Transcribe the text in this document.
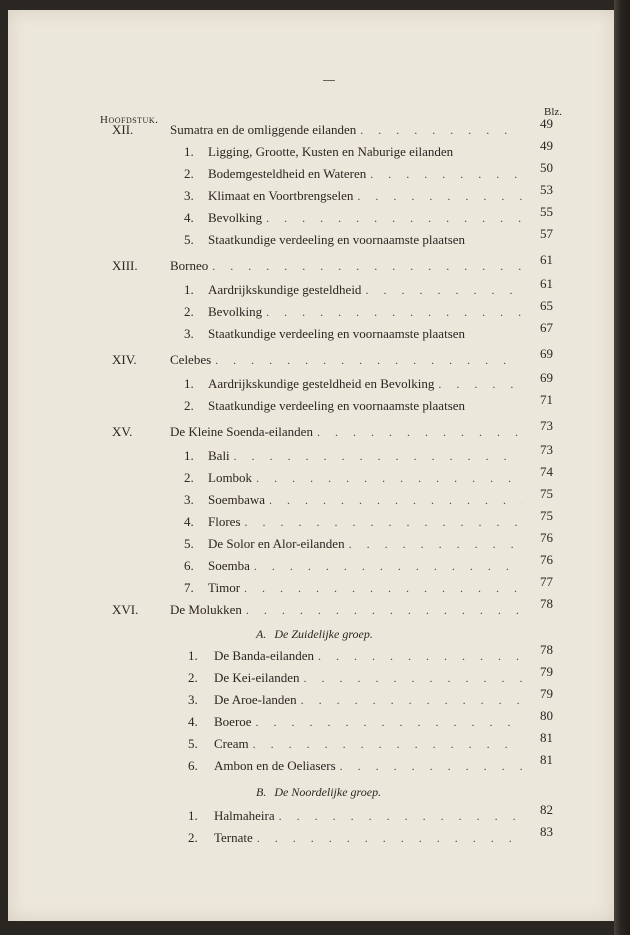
Hoofdstuk.
Blz.
XII.	Sumatra en de omliggende eilanden . . .	49
1. Ligging, Grootte, Kusten en Naburige eilanden	49
2. Bodemgesteldheid en Wateren . . .	50
3. Klimaat en Voortbrengselen . . .	53
4. Bevolking . . .	55
5. Staatkundige verdeeling en voornaamste plaatsen	57
XIII. Borneo . . .	61
1. Aardrijkskundige gesteldheid . . .	61
2. Bevolking . . .	65
3. Staatkundige verdeeling en voornaamste plaatsen	67
XIV.	Celebes . . .	69
1. Aardrijkskundige gesteldheid en Bevolking . . .	69
2. Staatkundige verdeeling en voornaamste plaatsen	71
XV.	De Kleine Soenda-eilanden . . .	73
1. Bali . . .	73
2. Lombok . . .	74
3. Soembawa . . .	75
4. Flores . . .	75
5. De Solor en Alor-eilanden . . .	76
6. Soemba . . .	76
7. Timor . . .	77
XVI. De Molukken . . .	78
A. De Zuidelijke groep.
1. De Banda-eilanden . . .	78
2. De Kei-eilanden . . .	79
3. De Aroe-landen . . .	79
4. Boeroe . . .	80
5. Cream . . .	81
6. Ambon en de Oeliasers . . .	81
B. De Noordelijke groep.
1. Halmaheira . . .	82
2. Ternate . . .	83
